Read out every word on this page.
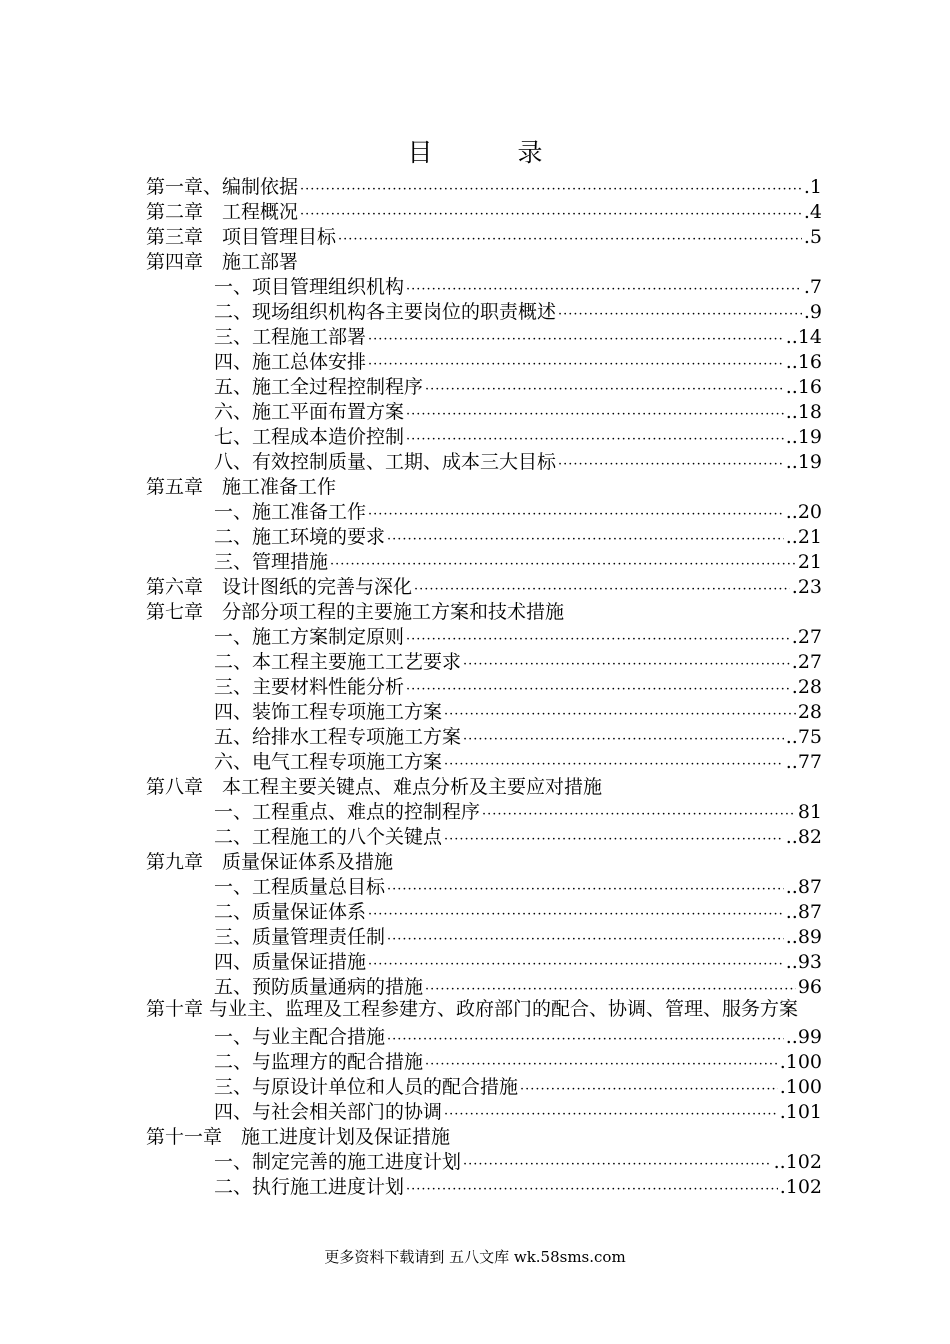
目　录
第一章、编制依据 ·····	.1
第二章　工程概况 ·····	.4
第三章　项目管理目标 ·····	.5
第四章　施工部署
一、项目管理组织机构 ·····	.7
二、现场组织机构各主要岗位的职责概述 ·····	.9
三、工程施工部署 ·····	..14
四、施工总体安排 ·····	..16
五、施工全过程控制程序 ·····	..16
六、施工平面布置方案 ·····	..18
七、工程成本造价控制 ·····	..19
八、有效控制质量、工期、成本三大目标 ·····	..19
第五章　施工准备工作
一、施工准备工作 ·····	..20
二、施工环境的要求 ·····	..21
三、管理措施 ·····	21
第六章　设计图纸的完善与深化 ·····	.23
第七章　分部分项工程的主要施工方案和技术措施
一、施工方案制定原则 ·····	.27
二、本工程主要施工工艺要求 ·····	.27
三、主要材料性能分析 ·····	.28
四、装饰工程专项施工方案 ·····	28
五、给排水工程专项施工方案 ·····	..75
六、电气工程专项施工方案 ·····	..77
第八章　本工程主要关键点、难点分析及主要应对措施
一、工程重点、难点的控制程序 ·····	81
二、工程施工的八个关键点 ·····	..82
第九章　质量保证体系及措施
一、工程质量总目标 ·····	..87
二、质量保证体系 ·····	..87
三、质量管理责任制 ·····	..89
四、质量保证措施 ·····	..93
五、预防质量通病的措施 ·····	96
第十章 与业主、监理及工程参建方、政府部门的配合、协调、管理、服务方案
一、与业主配合措施 ·····	..99
二、与监理方的配合措施 ·····	.100
三、与原设计单位和人员的配合措施 ·····	.100
四、与社会相关部门的协调 ·····	.101
第十一章　施工进度计划及保证措施
一、制定完善的施工进度计划 ·····	..102
二、执行施工进度计划 ·····	.102
更多资料下载请到 五八文库 wk.58sms.com
